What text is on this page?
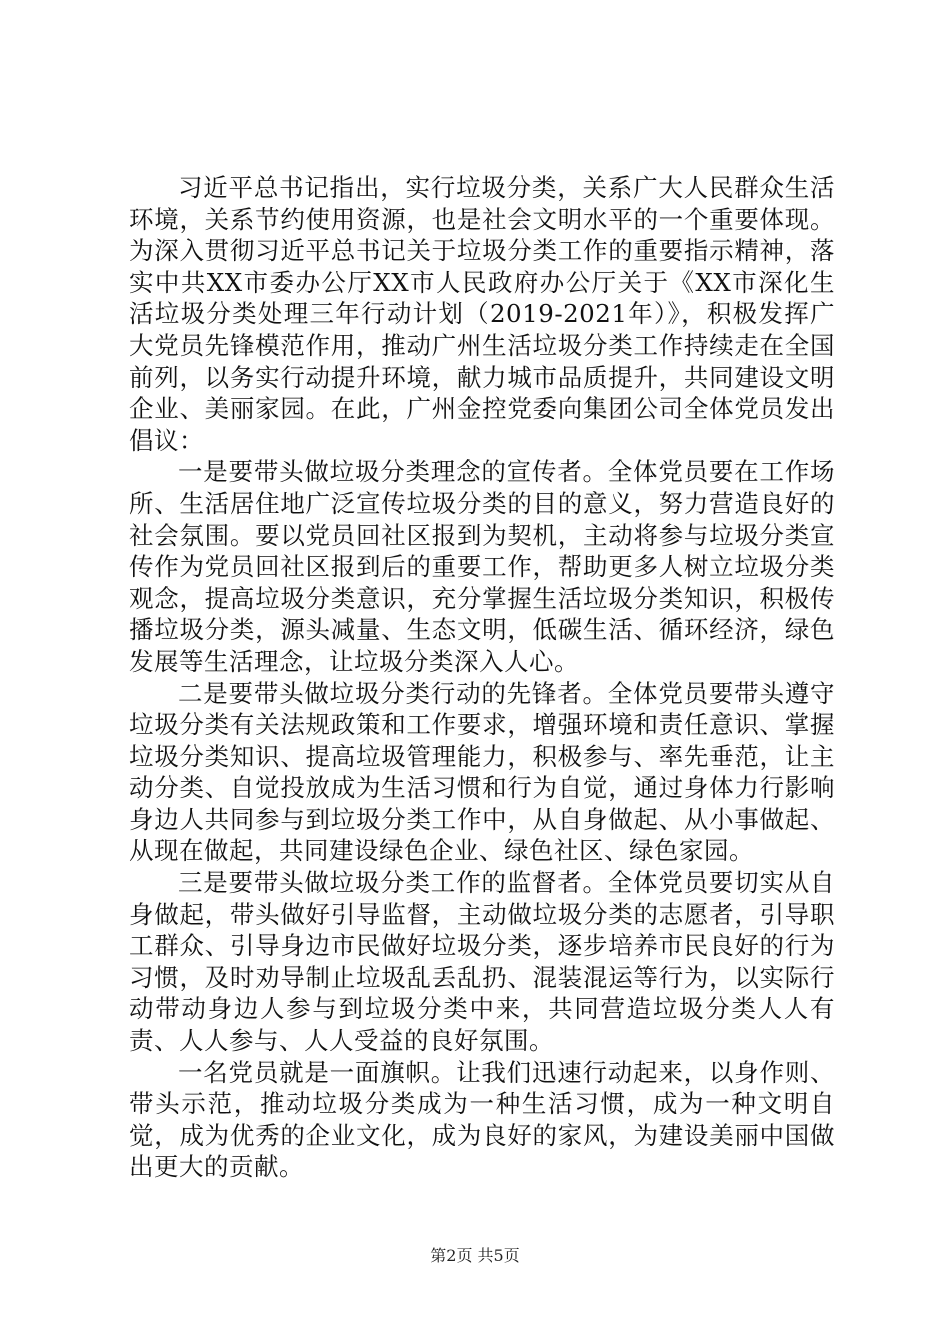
习近平总书记指出，实行垃圾分类，关系广大人民群众生活环境，关系节约使用资源，也是社会文明水平的一个重要体现。为深入贯彻习近平总书记关于垃圾分类工作的重要指示精神，落实中共XX市委办公厅XX市人民政府办公厅关于《XX市深化生活垃圾分类处理三年行动计划（2019-2021年）》，积极发挥广大党员先锋模范作用，推动广州生活垃圾分类工作持续走在全国前列，以务实行动提升环境，献力城市品质提升，共同建设文明企业、美丽家园。在此，广州金控党委向集团公司全体党员发出倡议：

一是要带头做垃圾分类理念的宣传者。全体党员要在工作场所、生活居住地广泛宣传垃圾分类的目的意义，努力营造良好的社会氛围。要以党员回社区报到为契机，主动将参与垃圾分类宣传作为党员回社区报到后的重要工作，帮助更多人树立垃圾分类观念，提高垃圾分类意识，充分掌握生活垃圾分类知识，积极传播垃圾分类，源头减量、生态文明，低碳生活、循环经济，绿色发展等生活理念，让垃圾分类深入人心。

二是要带头做垃圾分类行动的先锋者。全体党员要带头遵守垃圾分类有关法规政策和工作要求，增强环境和责任意识、掌握垃圾分类知识、提高垃圾管理能力，积极参与、率先垂范，让主动分类、自觉投放成为生活习惯和行为自觉，通过身体力行影响身边人共同参与到垃圾分类工作中，从自身做起、从小事做起、从现在做起，共同建设绿色企业、绿色社区、绿色家园。

三是要带头做垃圾分类工作的监督者。全体党员要切实从自身做起，带头做好引导监督，主动做垃圾分类的志愿者，引导职工群众、引导身边市民做好垃圾分类，逐步培养市民良好的行为习惯，及时劝导制止垃圾乱丢乱扔、混装混运等行为，以实际行动带动身边人参与到垃圾分类中来，共同营造垃圾分类人人有责、人人参与、人人受益的良好氛围。

一名党员就是一面旗帜。让我们迅速行动起来，以身作则、带头示范，推动垃圾分类成为一种生活习惯，成为一种文明自觉，成为优秀的企业文化，成为良好的家风，为建设美丽中国做出更大的贡献。

第2页 共5页
